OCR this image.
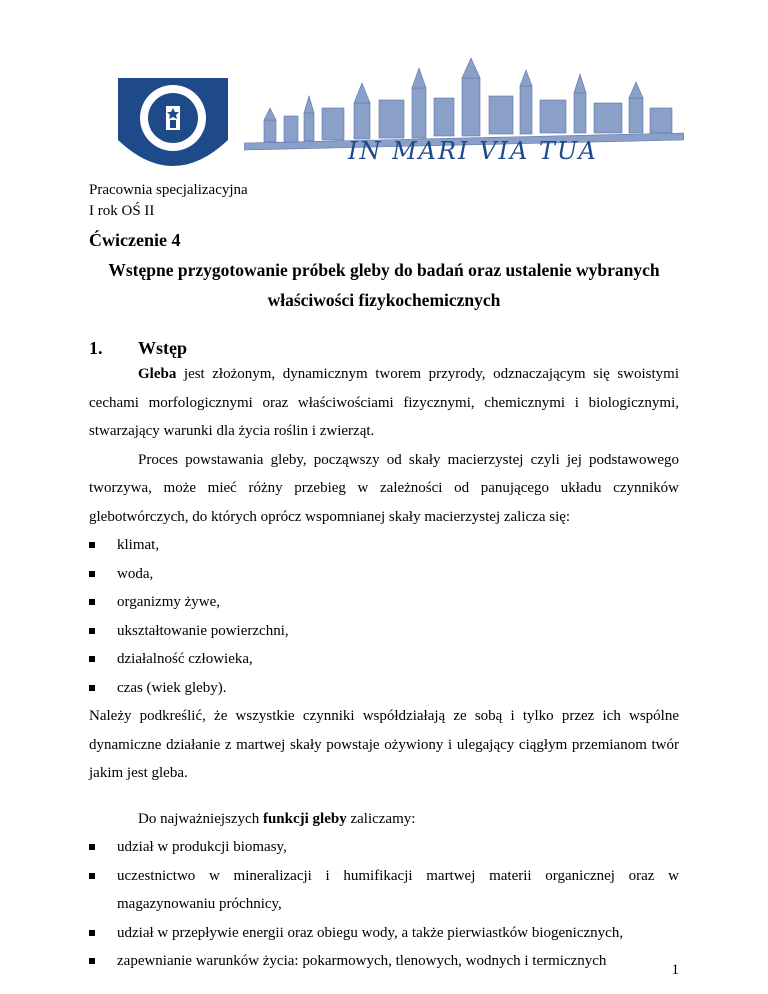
IN MARI VIA TUA
Pracownia specjalizacyjna
I rok OŚ II
Ćwiczenie 4
Wstępne przygotowanie próbek gleby do badań oraz ustalenie wybranych
właściwości fizykochemicznych
1.	Wstęp

Gleba jest złożonym, dynamicznym tworem przyrody, odznaczającym się swoistymi cechami morfologicznymi oraz właściwościami fizycznymi, chemicznymi i biologicznymi, stwarzający warunki dla życia roślin i zwierząt.

Proces powstawania gleby, począwszy od skały macierzystej czyli jej podstawowego tworzywa, może mieć różny przebieg w zależności od panującego układu czynników glebotwórczych, do których oprócz wspomnianej skały macierzystej zalicza się:

klimat,
woda,
organizmy żywe,
ukształtowanie powierzchni,
działalność człowieka,
czas (wiek gleby).

Należy podkreślić, że wszystkie czynniki współdziałają ze sobą i tylko przez ich wspólne dynamiczne działanie z martwej skały powstaje ożywiony i ulegający ciągłym przemianom twór jakim jest gleba.

Do najważniejszych funkcji gleby zaliczamy:

udział w produkcji biomasy,
uczestnictwo w mineralizacji i humifikacji martwej materii organicznej oraz w magazynowaniu próchnicy,
udział w przepływie energii oraz obiegu wody, a także pierwiastków biogenicznych,
zapewnianie warunków życia: pokarmowych, tlenowych, wodnych i termicznych
1
